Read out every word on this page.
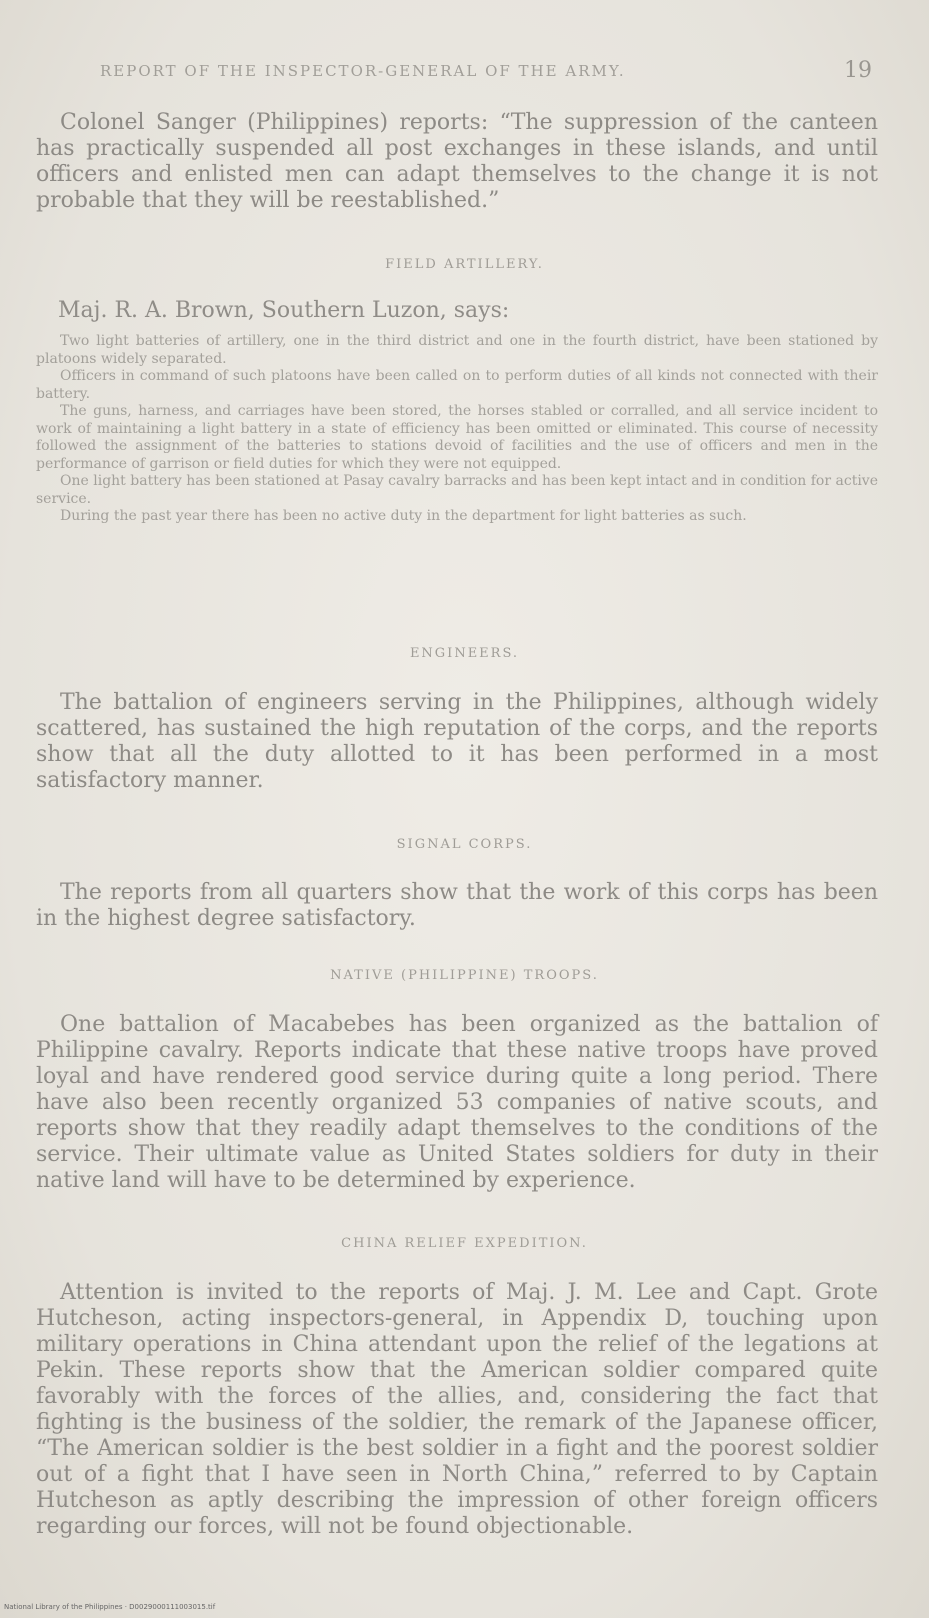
REPORT OF THE INSPECTOR-GENERAL OF THE ARMY.	19

Colonel Sanger (Philippines) reports: “The suppression of the canteen has practically suspended all post exchanges in these islands, and until officers and enlisted men can adapt themselves to the change it is not probable that they will be reestablished.”

FIELD ARTILLERY.
Maj. R. A. Brown, Southern Luzon, says:

Two light batteries of artillery, one in the third district and one in the fourth district, have been stationed by platoons widely separated.

Officers in command of such platoons have been called on to perform duties of all kinds not connected with their battery.

The guns, harness, and carriages have been stored, the horses stabled or corralled, and all service incident to work of maintaining a light battery in a state of efficiency has been omitted or eliminated. This course of necessity followed the assignment of the batteries to stations devoid of facilities and the use of officers and men in the performance of garrison or field duties for which they were not equipped.

One light battery has been stationed at Pasay cavalry barracks and has been kept intact and in condition for active service.

During the past year there has been no active duty in the department for light batteries as such.

ENGINEERS.

The battalion of engineers serving in the Philippines, although widely scattered, has sustained the high reputation of the corps, and the reports show that all the duty allotted to it has been performed in a most satisfactory manner.

SIGNAL CORPS.

The reports from all quarters show that the work of this corps has been in the highest degree satisfactory.

NATIVE (PHILIPPINE) TROOPS.

One battalion of Macabebes has been organized as the battalion of Philippine cavalry. Reports indicate that these native troops have proved loyal and have rendered good service during quite a long period. There have also been recently organized 53 companies of native scouts, and reports show that they readily adapt themselves to the conditions of the service. Their ultimate value as United States soldiers for duty in their native land will have to be determined by experience.

CHINA RELIEF EXPEDITION.

Attention is invited to the reports of Maj. J. M. Lee and Capt. Grote Hutcheson, acting inspectors-general, in Appendix D, touching upon military operations in China attendant upon the relief of the legations at Pekin. These reports show that the American soldier compared quite favorably with the forces of the allies, and, considering the fact that fighting is the business of the soldier, the remark of the Japanese officer, “The American soldier is the best soldier in a fight and the poorest soldier out of a fight that I have seen in North China,” referred to by Captain Hutcheson as aptly describing the impression of other foreign officers regarding our forces, will not be found objectionable.

National Library of the Philippines · D0029000111003015.tif
